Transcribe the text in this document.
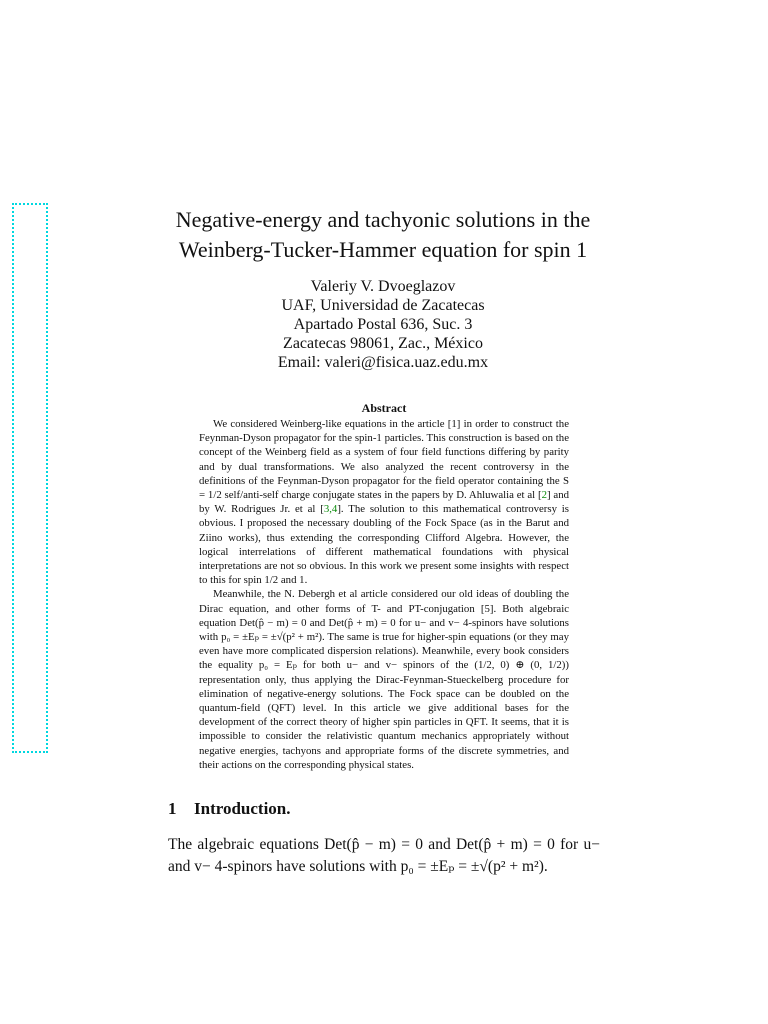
Negative-energy and tachyonic solutions in the
Weinberg-Tucker-Hammer equation for spin 1
Valeriy V. Dvoeglazov
UAF, Universidad de Zacatecas
Apartado Postal 636, Suc. 3
Zacatecas 98061, Zac., México
Email: valeri@fisica.uaz.edu.mx
Abstract

We considered Weinberg-like equations in the article [1] in order to construct the Feynman-Dyson propagator for the spin-1 particles. This construction is based on the concept of the Weinberg field as a system of four field functions differing by parity and by dual transformations. We also analyzed the recent controversy in the definitions of the Feynman-Dyson propagator for the field operator containing the S = 1/2 self/anti-self charge conjugate states in the papers by D. Ahluwalia et al [2] and by W. Rodrigues Jr. et al [3,4]. The solution to this mathematical controversy is obvious. I proposed the necessary doubling of the Fock Space (as in the Barut and Ziino works), thus extending the corresponding Clifford Algebra. However, the logical interrelations of different mathematical foundations with physical interpretations are not so obvious. In this work we present some insights with respect to this for spin 1/2 and 1.

Meanwhile, the N. Debergh et al article considered our old ideas of doubling the Dirac equation, and other forms of T- and PT-conjugation [5]. Both algebraic equation Det(p̂ − m) = 0 and Det(p̂ + m) = 0 for u− and v− 4-spinors have solutions with p₀ = ±Eₚ = ±√(p² + m²). The same is true for higher-spin equations (or they may even have more complicated dispersion relations). Meanwhile, every book considers the equality p₀ = Eₚ for both u− and v− spinors of the (1/2, 0) ⊕ (0, 1/2)) representation only, thus applying the Dirac-Feynman-Stueckelberg procedure for elimination of negative-energy solutions. The Fock space can be doubled on the quantum-field (QFT) level. In this article we give additional bases for the development of the correct theory of higher spin particles in QFT. It seems, that it is impossible to consider the relativistic quantum mechanics appropriately without negative energies, tachyons and appropriate forms of the discrete symmetries, and their actions on the corresponding physical states.

1 Introduction.

The algebraic equations Det(p̂ − m) = 0 and Det(p̂ + m) = 0 for u− and v− 4-spinors have solutions with p₀ = ±Eₚ = ±√(p² + m²).
